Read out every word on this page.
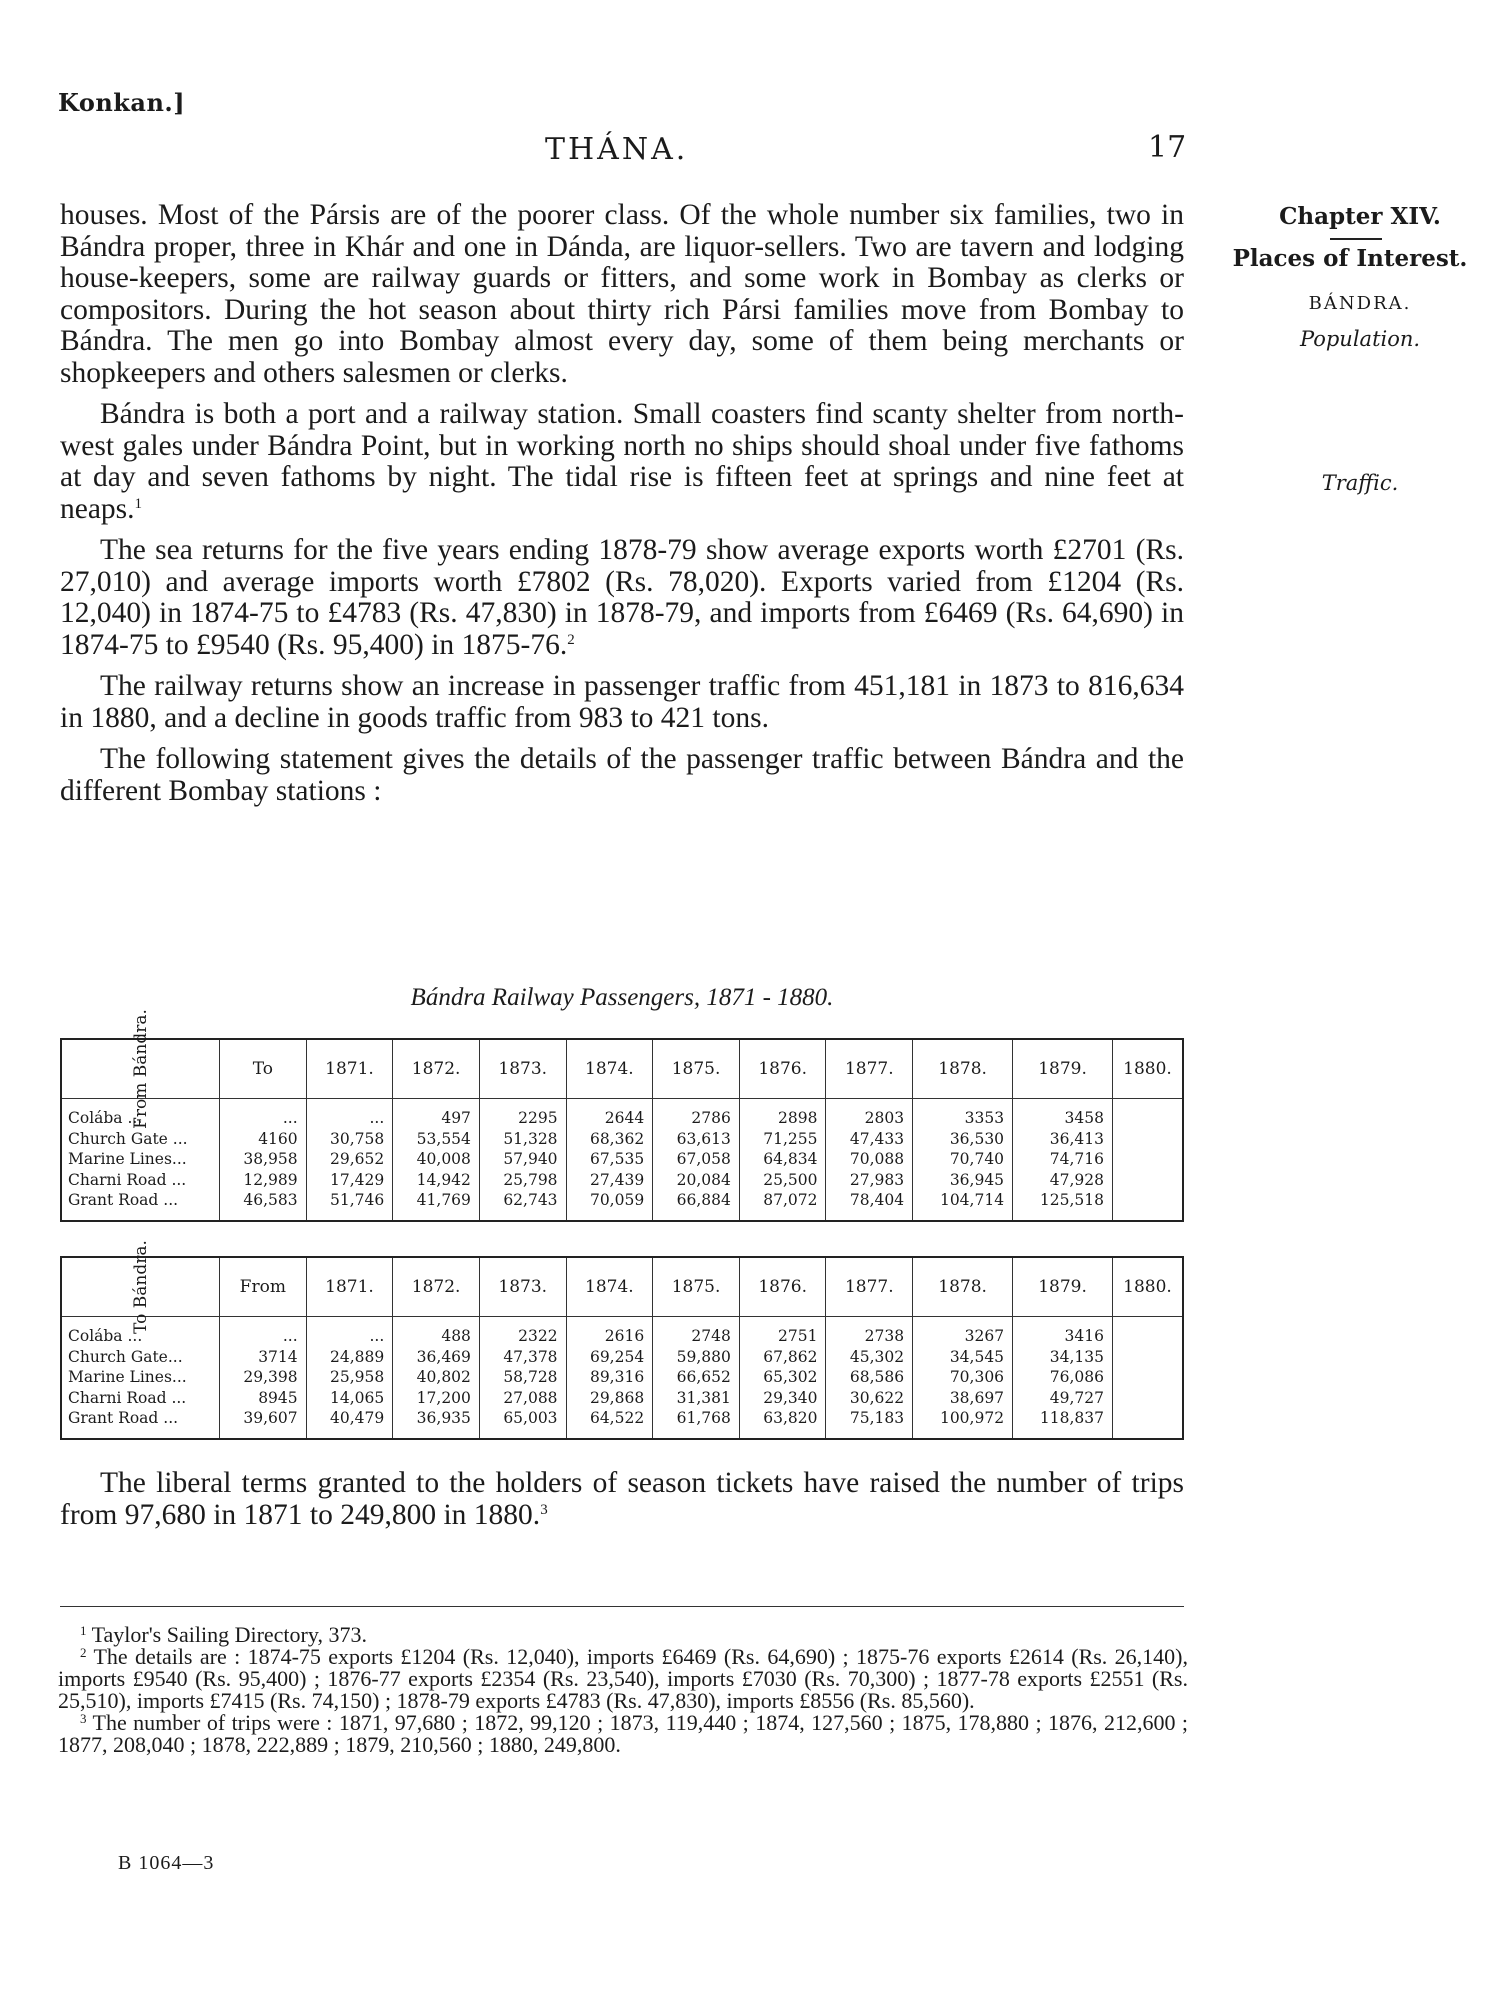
Konkan.]
THÁNA.	17
Chapter XIV.
Places of Interest.
BÁNDRA.
Population.
Traffic.

houses. Most of the Pársis are of the poorer class. Of the whole number six families, two in Bándra proper, three in Khár and one in Dánda, are liquor-sellers. Two are tavern and lodging house-keepers, some are railway guards or fitters, and some work in Bombay as clerks or compositors. During the hot season about thirty rich Pársi families move from Bombay to Bándra. The men go into Bombay almost every day, some of them being merchants or shopkeepers and others salesmen or clerks.

Bándra is both a port and a railway station. Small coasters find scanty shelter from north-west gales under Bándra Point, but in working north no ships should shoal under five fathoms at day and seven fathoms by night. The tidal rise is fifteen feet at springs and nine feet at neaps.$^1$

The sea returns for the five years ending 1878-79 show average exports worth £2701 (Rs. 27,010) and average imports worth £7802 (Rs. 78,020). Exports varied from £1204 (Rs. 12,040) in 1874-75 to £4783 (Rs. 47,830) in 1878-79, and imports from £6469 (Rs. 64,690) in 1874-75 to £9540 (Rs. 95,400) in 1875-76.$^2$

The railway returns show an increase in passenger traffic from 451,181 in 1873 to 816,634 in 1880, and a decline in goods traffic from 983 to 421 tons.

The following statement gives the details of the passenger traffic between Bándra and the different Bombay stations :

Bándra Railway Passengers, 1871 - 1880.
From Bándra.	To	1871.	1872.	1873.	1874.	1875.	1876.	1877.	1878.	1879.	1880.
Colába ...	...	...	497	2295	2644	2786	2898	2803	3353	3458	
Church Gate ...	4160	30,758	53,554	51,328	68,362	63,613	71,255	47,433	36,530	36,413	
Marine Lines...	38,958	29,652	40,008	57,940	67,535	67,058	64,834	70,088	70,740	74,716	
Charni Road ...	12,989	17,429	14,942	25,798	27,439	20,084	25,500	27,983	36,945	47,928	
Grant Road ...	46,583	51,746	41,769	62,743	70,059	66,884	87,072	78,404	104,714	125,518	
To Bándra.	From	1871.	1872.	1873.	1874.	1875.	1876.	1877.	1878.	1879.	1880.
Colába ...	...	...	488	2322	2616	2748	2751	2738	3267	3416	
Church Gate...	3714	24,889	36,469	47,378	69,254	59,880	67,862	45,302	34,545	34,135	
Marine Lines...	29,398	25,958	40,802	58,728	89,316	66,652	65,302	68,586	70,306	76,086	
Charni Road ...	8945	14,065	17,200	27,088	29,868	31,381	29,340	30,622	38,697	49,727	
Grant Road ...	39,607	40,479	36,935	65,003	64,522	61,768	63,820	75,183	100,972	118,837	

The liberal terms granted to the holders of season tickets have raised the number of trips from 97,680 in 1871 to 249,800 in 1880.$^3$

$^1$ Taylor's Sailing Directory, 373.

$^2$ The details are : 1874-75 exports £1204 (Rs. 12,040), imports £6469 (Rs. 64,690) ; 1875-76 exports £2614 (Rs. 26,140), imports £9540 (Rs. 95,400) ; 1876-77 exports £2354 (Rs. 23,540), imports £7030 (Rs. 70,300) ; 1877-78 exports £2551 (Rs. 25,510), imports £7415 (Rs. 74,150) ; 1878-79 exports £4783 (Rs. 47,830), imports £8556 (Rs. 85,560).

$^3$ The number of trips were : 1871, 97,680 ; 1872, 99,120 ; 1873, 119,440 ; 1874, 127,560 ; 1875, 178,880 ; 1876, 212,600 ; 1877, 208,040 ; 1878, 222,889 ; 1879, 210,560 ; 1880, 249,800.

B 1064—3
